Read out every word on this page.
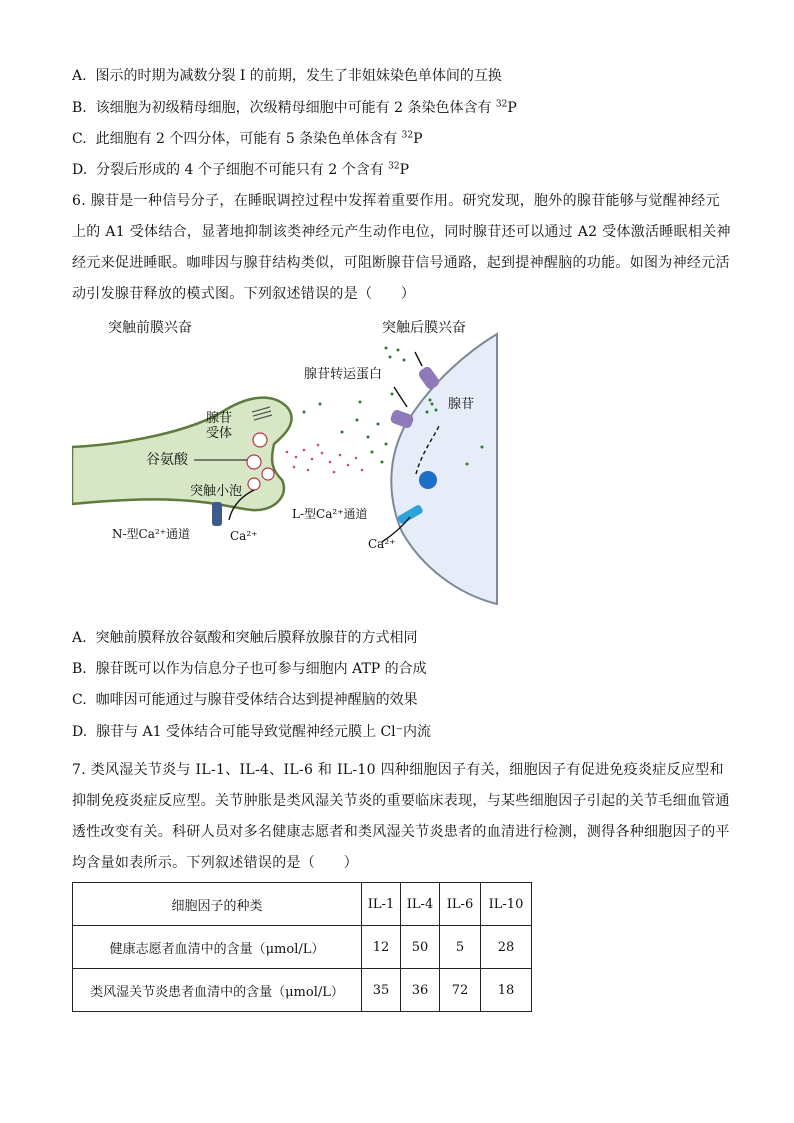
A. 图示的时期为减数分裂 I 的前期，发生了非姐妹染色单体间的互换
B. 该细胞为初级精母细胞，次级精母细胞中可能有 2 条染色体含有 $^{32}$P
C. 此细胞有 2 个四分体，可能有 5 条染色单体含有 $^{32}$P
D. 分裂后形成的 4 个子细胞不可能只有 2 个含有 $^{32}$P
6. 腺苷是一种信号分子，在睡眠调控过程中发挥着重要作用。研究发现，胞外的腺苷能够与觉醒神经元上的 A1 受体结合，显著地抑制该类神经元产生动作电位，同时腺苷还可以通过 A2 受体激活睡眠相关神经元来促进睡眠。咖啡因与腺苷结构类似，可阻断腺苷信号通路，起到提神醒脑的功能。如图为神经元活动引发腺苷释放的模式图。下列叙述错误的是（　　）
突触前膜兴奋	突触后膜兴奋
腺苷转运蛋白
腺苷
腺苷
受体
谷氨酸
突触小泡
L-型Ca²⁺通道
N-型Ca²⁺通道	Ca²⁺
Ca²⁺
A. 突触前膜释放谷氨酸和突触后膜释放腺苷的方式相同
B. 腺苷既可以作为信息分子也可参与细胞内 ATP 的合成
C. 咖啡因可能通过与腺苷受体结合达到提神醒脑的效果
D. 腺苷与 A1 受体结合可能导致觉醒神经元膜上 Cl⁻内流
7. 类风湿关节炎与 IL-1、IL-4、IL-6 和 IL-10 四种细胞因子有关，细胞因子有促进免疫炎症反应型和抑制免疫炎症反应型。关节肿胀是类风湿关节炎的重要临床表现，与某些细胞因子引起的关节毛细血管通透性改变有关。科研人员对多名健康志愿者和类风湿关节炎患者的血清进行检测，测得各种细胞因子的平均含量如表所示。下列叙述错误的是（　　）
细胞因子的种类	IL-1	IL-4	IL-6	IL-10
健康志愿者血清中的含量（μmol/L）	12	50	5	28
类风湿关节炎患者血清中的含量（μmol/L）	35	36	72	18
